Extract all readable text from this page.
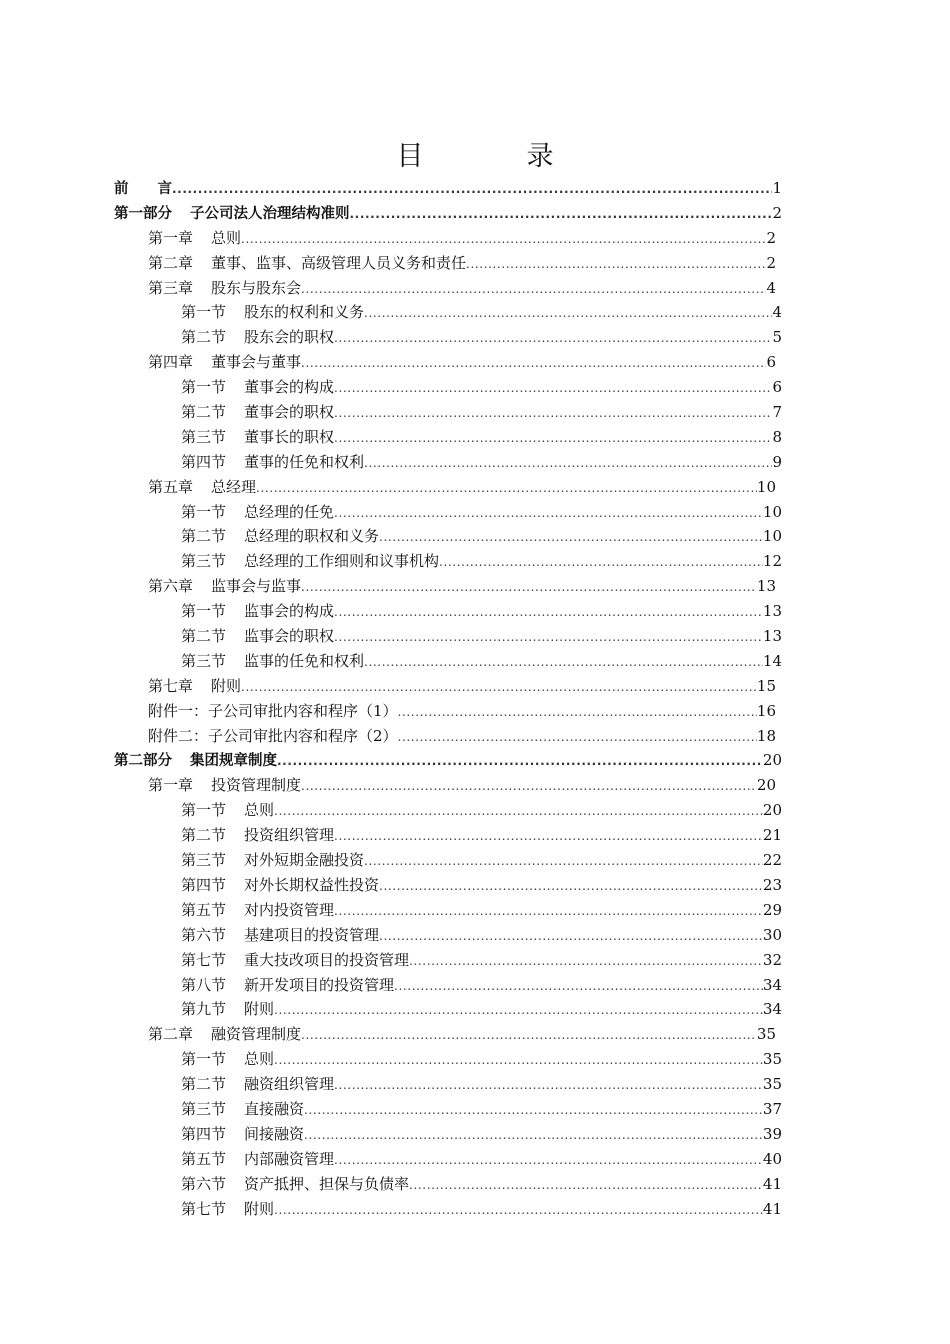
目　录
前　　言 .....	1
第一部分 子公司法人治理结构准则 .....	2
第一章 总则 .....	2
第二章 董事、监事、高级管理人员义务和责任 .....	2
第三章 股东与股东会 .....	4
第一节 股东的权利和义务 .....	4
第二节 股东会的职权 .....	5
第四章 董事会与董事 .....	6
第一节 董事会的构成 .....	6
第二节 董事会的职权 .....	7
第三节 董事长的职权 .....	8
第四节 董事的任免和权利 .....	9
第五章 总经理 .....	10
第一节 总经理的任免 .....	10
第二节 总经理的职权和义务 .....	10
第三节 总经理的工作细则和议事机构 .....	12
第六章 监事会与监事 .....	13
第一节 监事会的构成 .....	13
第二节 监事会的职权 .....	13
第三节 监事的任免和权利 .....	14
第七章 附则 .....	15
附件一：子公司审批内容和程序（1） .....	16
附件二：子公司审批内容和程序（2） .....	18
第二部分 集团规章制度 .....	20
第一章 投资管理制度 .....	20
第一节 总则 .....	20
第二节 投资组织管理 .....	21
第三节 对外短期金融投资 .....	22
第四节 对外长期权益性投资 .....	23
第五节 对内投资管理 .....	29
第六节 基建项目的投资管理 .....	30
第七节 重大技改项目的投资管理 .....	32
第八节 新开发项目的投资管理 .....	34
第九节 附则 .....	34
第二章 融资管理制度 .....	35
第一节 总则 .....	35
第二节 融资组织管理 .....	35
第三节 直接融资 .....	37
第四节 间接融资 .....	39
第五节 内部融资管理 .....	40
第六节 资产抵押、担保与负债率 .....	41
第七节 附则 .....	41
